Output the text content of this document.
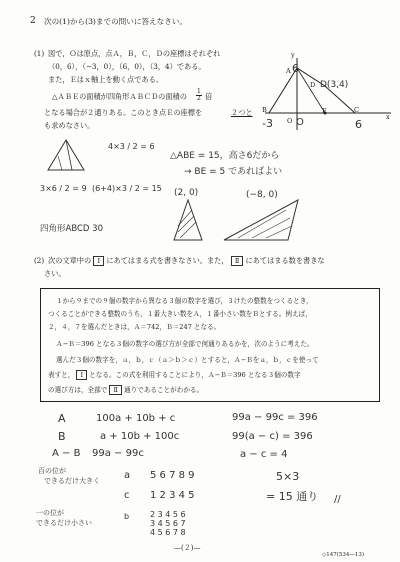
2 次の(1)から(3)までの問いに答えなさい。
(1) 図で，Ｏは原点，点Ａ，Ｂ，Ｃ，Ｄの座標はそれぞれ
（0，6），（−3，0），（6，0），（3，4）である。
また，Ｅはｘ軸上を動く点である。
△ＡＢＥの面積が四角形ＡＢＣＤの面積の $\frac{1}{2}$ 倍
となる場合が２通りある。このとき点Ｅの座標を	２つと
も求めなさい。
y
x
A
B	C
D
E
O
6
D(3,4)
-3 O	6
4×3 / 2 = 6
3×6 / 2 = 9 (6+4)×3 / 2 = 15
四角形ABCD 30
△ABE = 15，高さ6だから
→ BE = 5 であればよい
(2, 0)	(−8, 0)
(2) 次の文章中の Ⅰ にあてはまる式を書きなさい。また， Ⅱ にあてはまる数を書きな
さい。
１から９までの９個の数字から異なる３個の数字を選び，３けたの整数をつくるとき，
つくることができる整数のうち，１番大きい数をＡ，１番小さい数をＢとする。例えば，
２，４，７を選んだときは，Ａ＝742，Ｂ＝247 となる。
Ａ−Ｂ＝396 となる３個の数字の選び方が全部で何通りあるかを，次のように考えた。
選んだ３個の数字を，ａ，ｂ，ｃ（ａ＞ｂ＞ｃ）とすると，Ａ−Ｂをａ，ｂ，ｃを使って
表すと， Ⅰ となる。この式を利用することにより，Ａ−Ｂ＝396 となる３個の数字
の選び方は，全部で Ⅱ 通りであることがわかる。
A	100a + 10b + c
B	a + 10b + 100c
A − B 99a − 99c
99a − 99c = 396
99(a − c) = 396
a − c = 4
百の位が
できるだけ大きく
一の位が
できるだけ小さい
a 5 6 7 8 9
c 1 2 3 4 5
b	2 3 4 5 6
3 4 5 6 7
4 5 6 7 8
5×3
= 15 通り //
—(２)—
◇147(534—13)
